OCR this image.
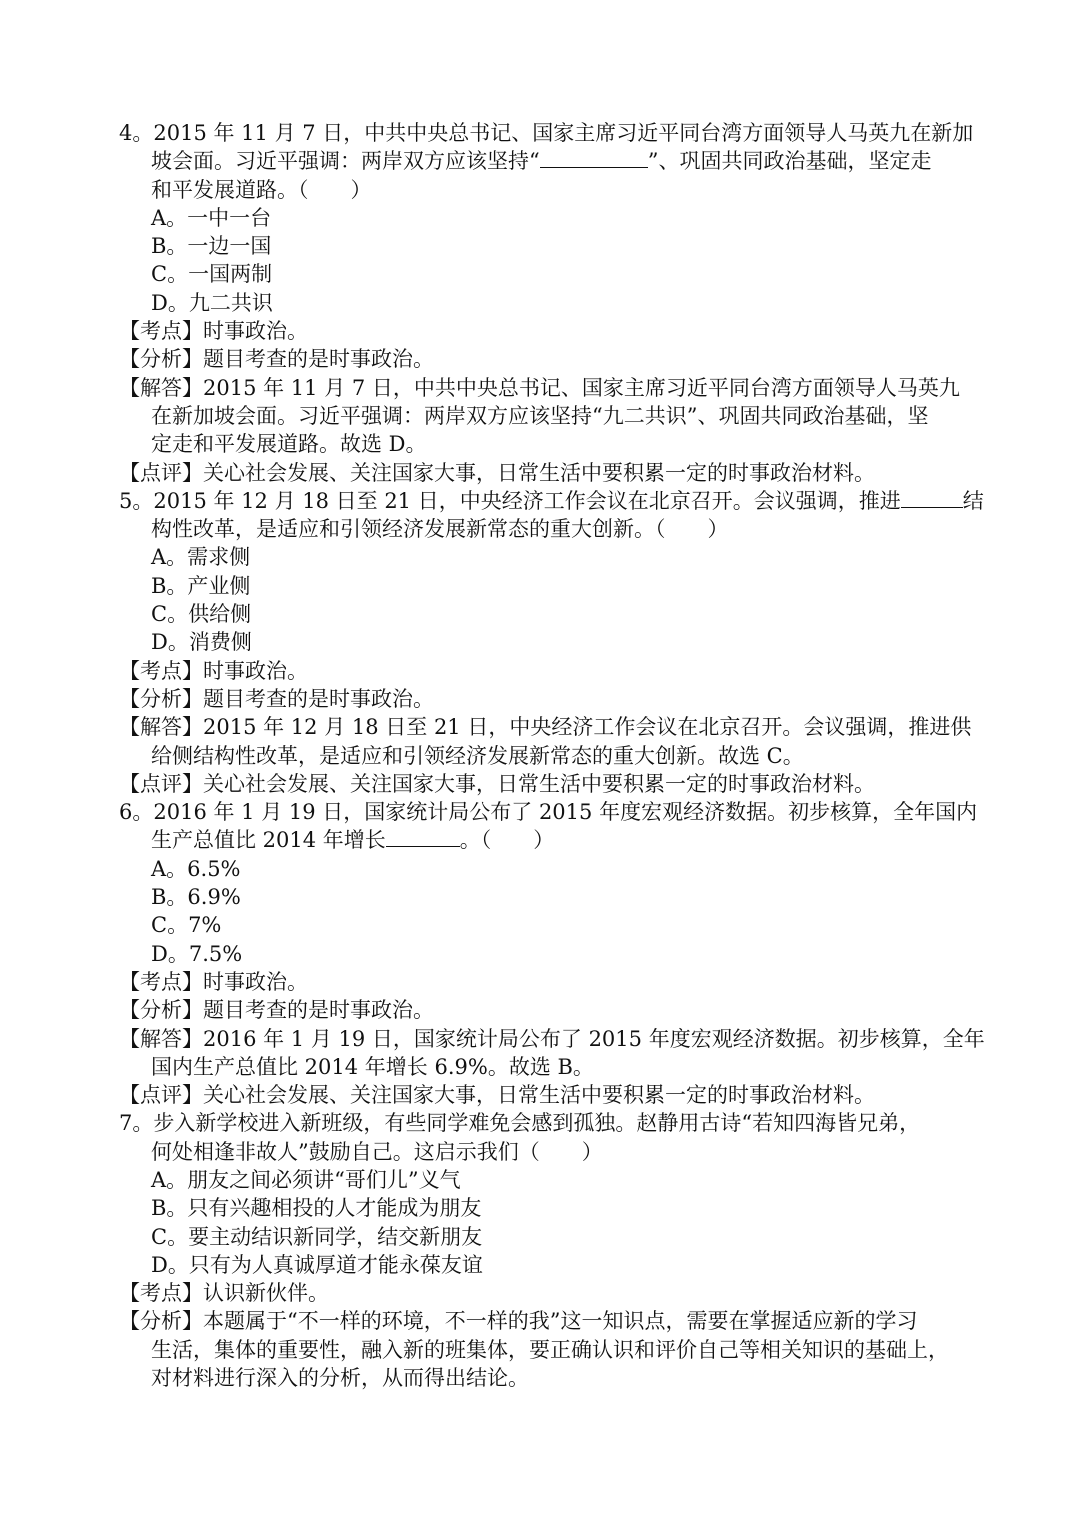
4。2015 年 11 月 7 日，中共中央总书记、国家主席习近平同台湾方面领导人马英九在新加
坡会面。习近平强调：两岸双方应该坚持“	”、巩固共同政治基础，坚定走
和平发展道路。（　　）
A。一中一台
B。一边一国
C。一国两制
D。九二共识
【考点】时事政治。
【分析】题目考查的是时事政治。
【解答】2015 年 11 月 7 日，中共中央总书记、国家主席习近平同台湾方面领导人马英九
在新加坡会面。习近平强调：两岸双方应该坚持“九二共识”、巩固共同政治基础，坚
定走和平发展道路。故选 D。
【点评】关心社会发展、关注国家大事，日常生活中要积累一定的时事政治材料。
5。2015 年 12 月 18 日至 21 日，中央经济工作会议在北京召开。会议强调，推进	结
构性改革，是适应和引领经济发展新常态的重大创新。（　　）
A。需求侧
B。产业侧
C。供给侧
D。消费侧
【考点】时事政治。
【分析】题目考查的是时事政治。
【解答】2015 年 12 月 18 日至 21 日，中央经济工作会议在北京召开。会议强调，推进供
给侧结构性改革，是适应和引领经济发展新常态的重大创新。故选 C。
【点评】关心社会发展、关注国家大事，日常生活中要积累一定的时事政治材料。
6。2016 年 1 月 19 日，国家统计局公布了 2015 年度宏观经济数据。初步核算，全年国内
生产总值比 2014 年增长	。（　　）
A。6.5%
B。6.9%
C。7%
D。7.5%
【考点】时事政治。
【分析】题目考查的是时事政治。
【解答】2016 年 1 月 19 日，国家统计局公布了 2015 年度宏观经济数据。初步核算，全年
国内生产总值比 2014 年增长 6.9%。故选 B。
【点评】关心社会发展、关注国家大事，日常生活中要积累一定的时事政治材料。
7。步入新学校进入新班级，有些同学难免会感到孤独。赵静用古诗“若知四海皆兄弟，
何处相逢非故人”鼓励自己。这启示我们（　　）
A。朋友之间必须讲“哥们儿”义气
B。只有兴趣相投的人才能成为朋友
C。要主动结识新同学，结交新朋友
D。只有为人真诚厚道才能永葆友谊
【考点】认识新伙伴。
【分析】本题属于“不一样的环境，不一样的我”这一知识点，需要在掌握适应新的学习
生活，集体的重要性，融入新的班集体，要正确认识和评价自己等相关知识的基础上，
对材料进行深入的分析，从而得出结论。
